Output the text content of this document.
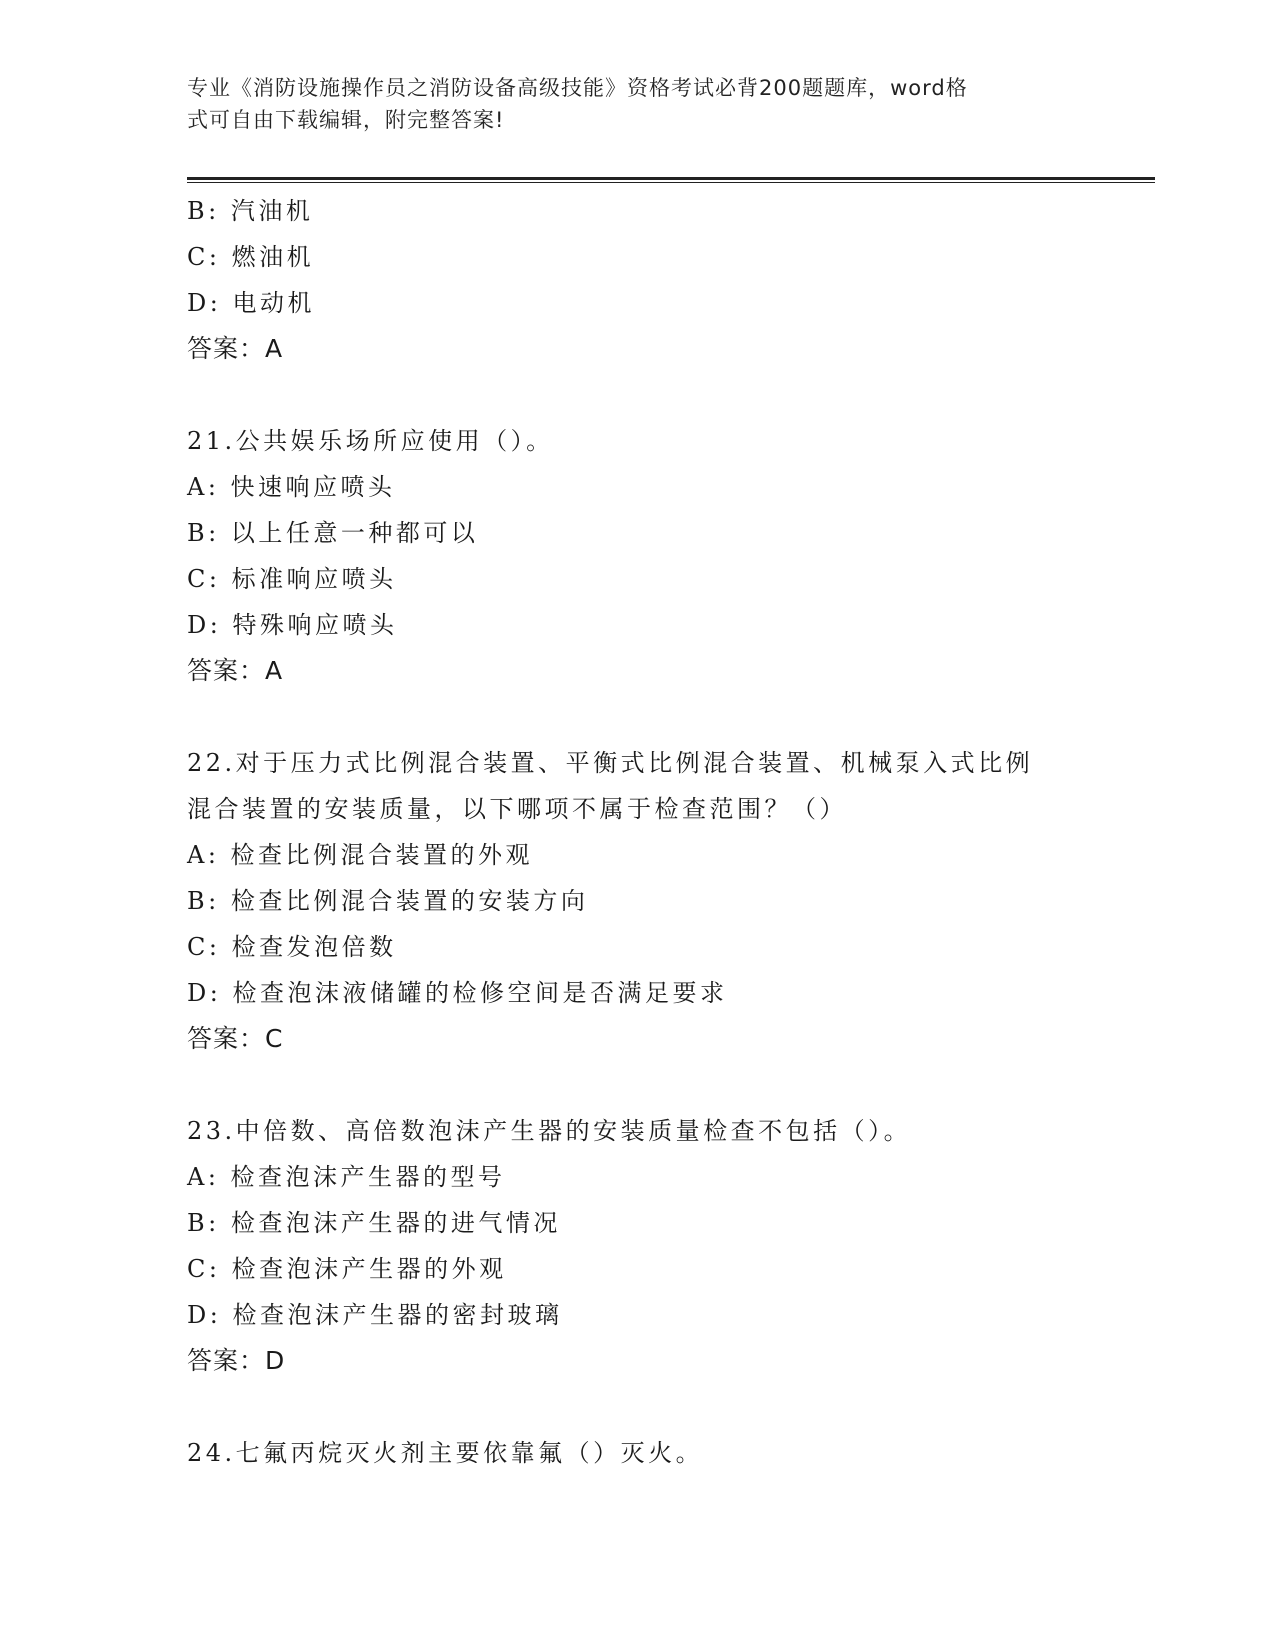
专业《消防设施操作员之消防设备高级技能》资格考试必背200题题库，word格
式可自由下载编辑，附完整答案!
B: 汽油机
C: 燃油机
D: 电动机
答案：A
21.公共娱乐场所应使用（）。
A: 快速响应喷头
B: 以上任意一种都可以
C: 标准响应喷头
D: 特殊响应喷头
答案：A
22.对于压力式比例混合装置、平衡式比例混合装置、机械泵入式比例
混合装置的安装质量，以下哪项不属于检查范围？（）
A: 检查比例混合装置的外观
B: 检查比例混合装置的安装方向
C: 检查发泡倍数
D: 检查泡沫液储罐的检修空间是否满足要求
答案：C
23.中倍数、高倍数泡沫产生器的安装质量检查不包括（）。
A: 检查泡沫产生器的型号
B: 检查泡沫产生器的进气情况
C: 检查泡沫产生器的外观
D: 检查泡沫产生器的密封玻璃
答案：D
24.七氟丙烷灭火剂主要依靠氟（）灭火。
